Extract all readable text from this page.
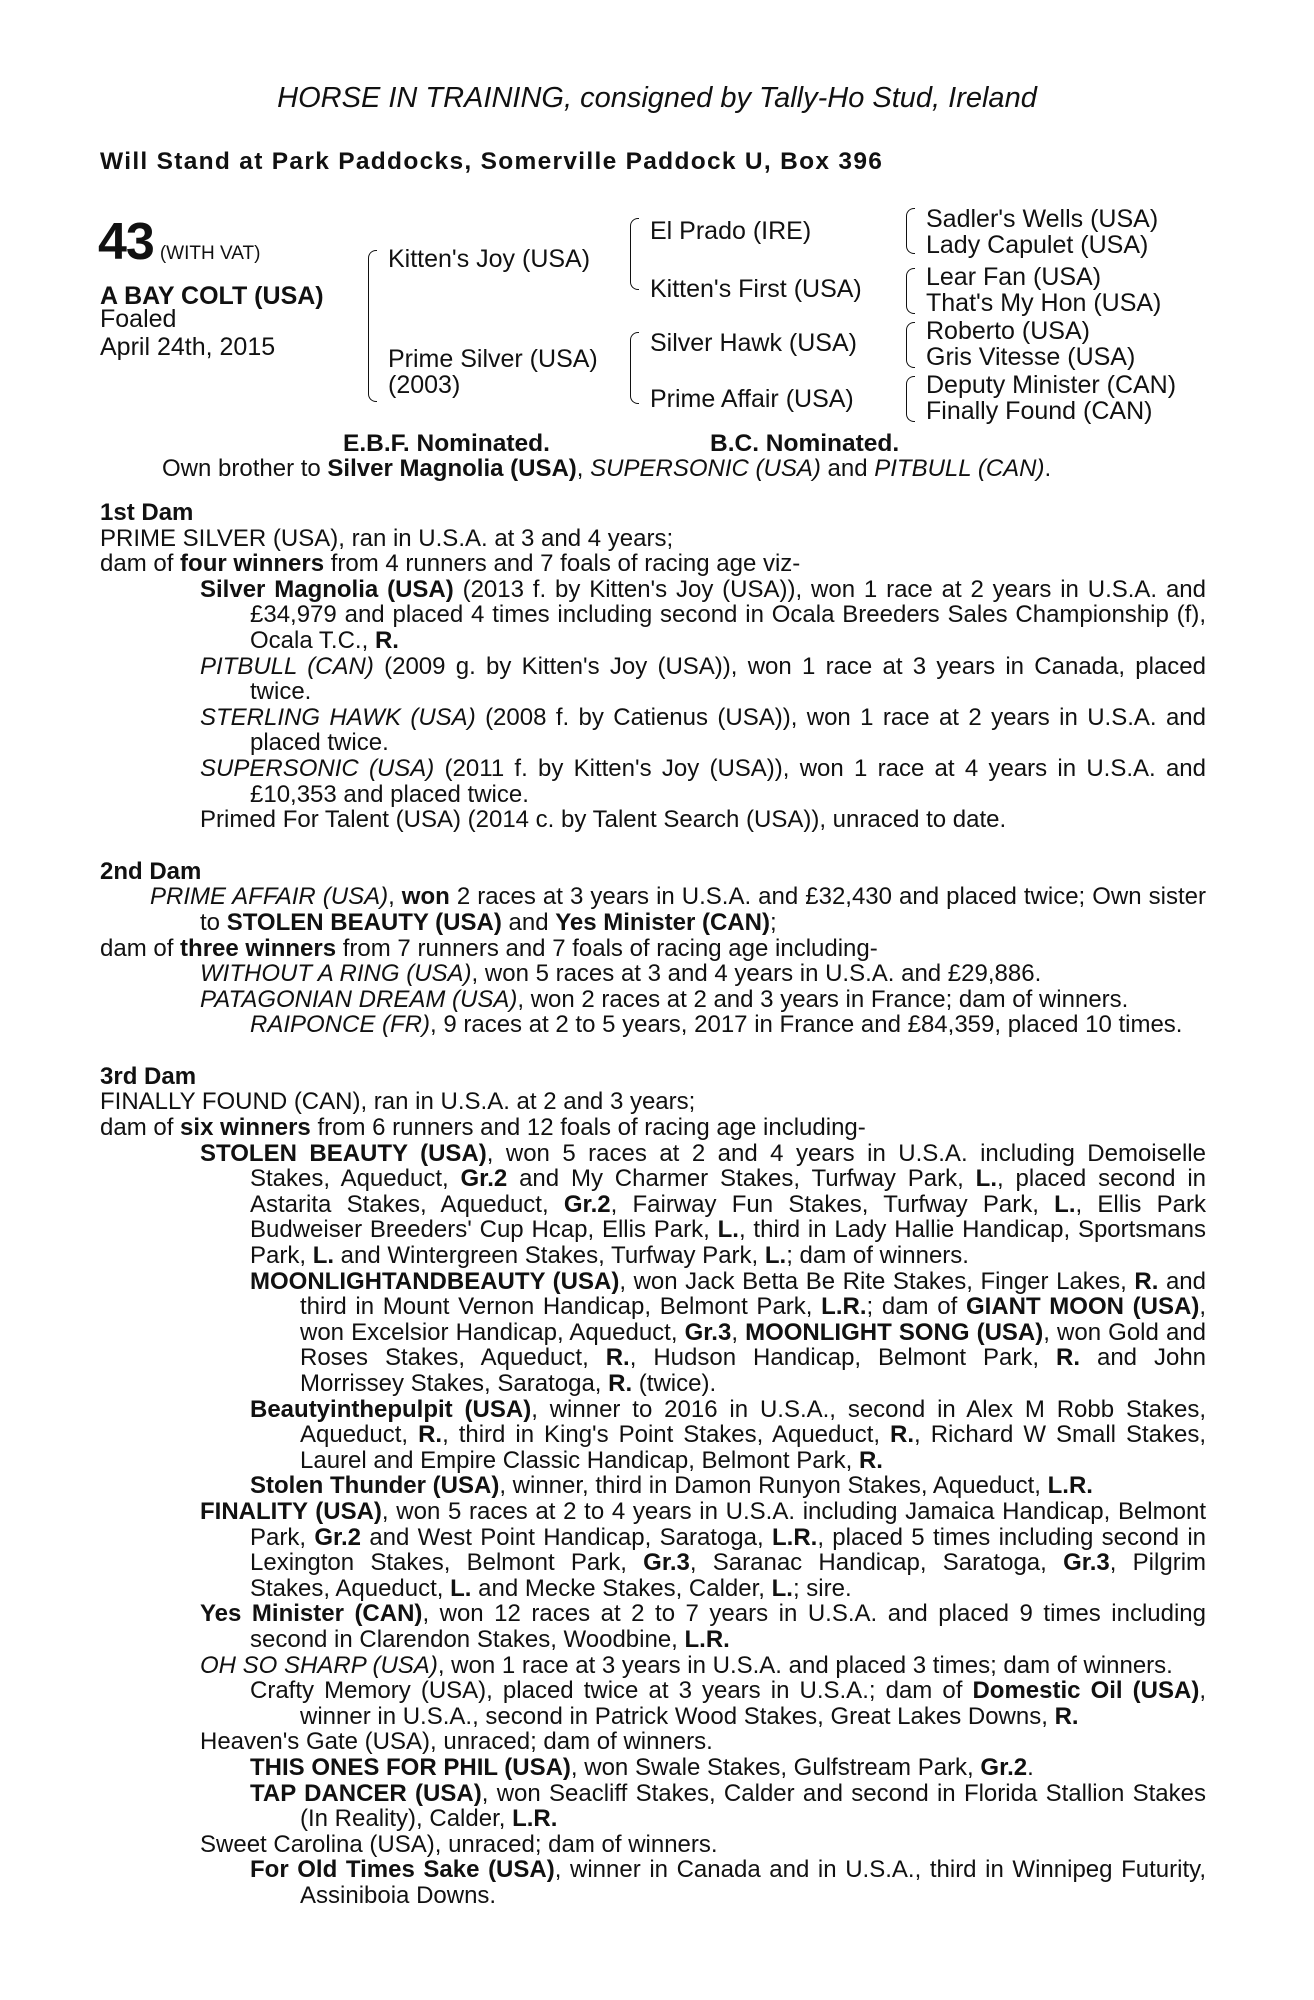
HORSE IN TRAINING, consigned by Tally-Ho Stud, Ireland
Will Stand at Park Paddocks, Somerville Paddock U, Box 396
43 (WITH VAT)
A BAY COLT (USA)
Foaled
April 24th, 2015
Kitten's Joy (USA)
Prime Silver (USA)
(2003)
El Prado (IRE)
Kitten's First (USA)
Silver Hawk (USA)
Prime Affair (USA)
Sadler's Wells (USA)
Lady Capulet (USA)
Lear Fan (USA)
That's My Hon (USA)
Roberto (USA)
Gris Vitesse (USA)
Deputy Minister (CAN)
Finally Found (CAN)
E.B.F. Nominated.	B.C. Nominated.
Own brother to Silver Magnolia (USA), SUPERSONIC (USA) and PITBULL (CAN).

1st Dam

PRIME SILVER (USA), ran in U.S.A. at 3 and 4 years;

dam of four winners from 4 runners and 7 foals of racing age viz-

Silver Magnolia (USA) (2013 f. by Kitten's Joy (USA)), won 1 race at 2 years in U.S.A. and £34,979 and placed 4 times including second in Ocala Breeders Sales Championship (f), Ocala T.C., R.

PITBULL (CAN) (2009 g. by Kitten's Joy (USA)), won 1 race at 3 years in Canada, placed twice.

STERLING HAWK (USA) (2008 f. by Catienus (USA)), won 1 race at 2 years in U.S.A. and placed twice.

SUPERSONIC (USA) (2011 f. by Kitten's Joy (USA)), won 1 race at 4 years in U.S.A. and £10,353 and placed twice.

Primed For Talent (USA) (2014 c. by Talent Search (USA)), unraced to date.

2nd Dam

PRIME AFFAIR (USA), won 2 races at 3 years in U.S.A. and £32,430 and placed twice; Own sister to STOLEN BEAUTY (USA) and Yes Minister (CAN);

dam of three winners from 7 runners and 7 foals of racing age including-

WITHOUT A RING (USA), won 5 races at 3 and 4 years in U.S.A. and £29,886.

PATAGONIAN DREAM (USA), won 2 races at 2 and 3 years in France; dam of winners.

RAIPONCE (FR), 9 races at 2 to 5 years, 2017 in France and £84,359, placed 10 times.

3rd Dam

FINALLY FOUND (CAN), ran in U.S.A. at 2 and 3 years;

dam of six winners from 6 runners and 12 foals of racing age including-

STOLEN BEAUTY (USA), won 5 races at 2 and 4 years in U.S.A. including Demoiselle Stakes, Aqueduct, Gr.2 and My Charmer Stakes, Turfway Park, L., placed second in Astarita Stakes, Aqueduct, Gr.2, Fairway Fun Stakes, Turfway Park, L., Ellis Park Budweiser Breeders' Cup Hcap, Ellis Park, L., third in Lady Hallie Handicap, Sportsmans Park, L. and Wintergreen Stakes, Turfway Park, L.; dam of winners.

MOONLIGHTANDBEAUTY (USA), won Jack Betta Be Rite Stakes, Finger Lakes, R. and third in Mount Vernon Handicap, Belmont Park, L.R.; dam of GIANT MOON (USA), won Excelsior Handicap, Aqueduct, Gr.3, MOONLIGHT SONG (USA), won Gold and Roses Stakes, Aqueduct, R., Hudson Handicap, Belmont Park, R. and John Morrissey Stakes, Saratoga, R. (twice).

Beautyinthepulpit (USA), winner to 2016 in U.S.A., second in Alex M Robb Stakes, Aqueduct, R., third in King's Point Stakes, Aqueduct, R., Richard W Small Stakes, Laurel and Empire Classic Handicap, Belmont Park, R.

Stolen Thunder (USA), winner, third in Damon Runyon Stakes, Aqueduct, L.R.

FINALITY (USA), won 5 races at 2 to 4 years in U.S.A. including Jamaica Handicap, Belmont Park, Gr.2 and West Point Handicap, Saratoga, L.R., placed 5 times including second in Lexington Stakes, Belmont Park, Gr.3, Saranac Handicap, Saratoga, Gr.3, Pilgrim Stakes, Aqueduct, L. and Mecke Stakes, Calder, L.; sire.

Yes Minister (CAN), won 12 races at 2 to 7 years in U.S.A. and placed 9 times including second in Clarendon Stakes, Woodbine, L.R.

OH SO SHARP (USA), won 1 race at 3 years in U.S.A. and placed 3 times; dam of winners.

Crafty Memory (USA), placed twice at 3 years in U.S.A.; dam of Domestic Oil (USA), winner in U.S.A., second in Patrick Wood Stakes, Great Lakes Downs, R.

Heaven's Gate (USA), unraced; dam of winners.

THIS ONES FOR PHIL (USA), won Swale Stakes, Gulfstream Park, Gr.2.

TAP DANCER (USA), won Seacliff Stakes, Calder and second in Florida Stallion Stakes (In Reality), Calder, L.R.

Sweet Carolina (USA), unraced; dam of winners.

For Old Times Sake (USA), winner in Canada and in U.S.A., third in Winnipeg Futurity, Assiniboia Downs.
